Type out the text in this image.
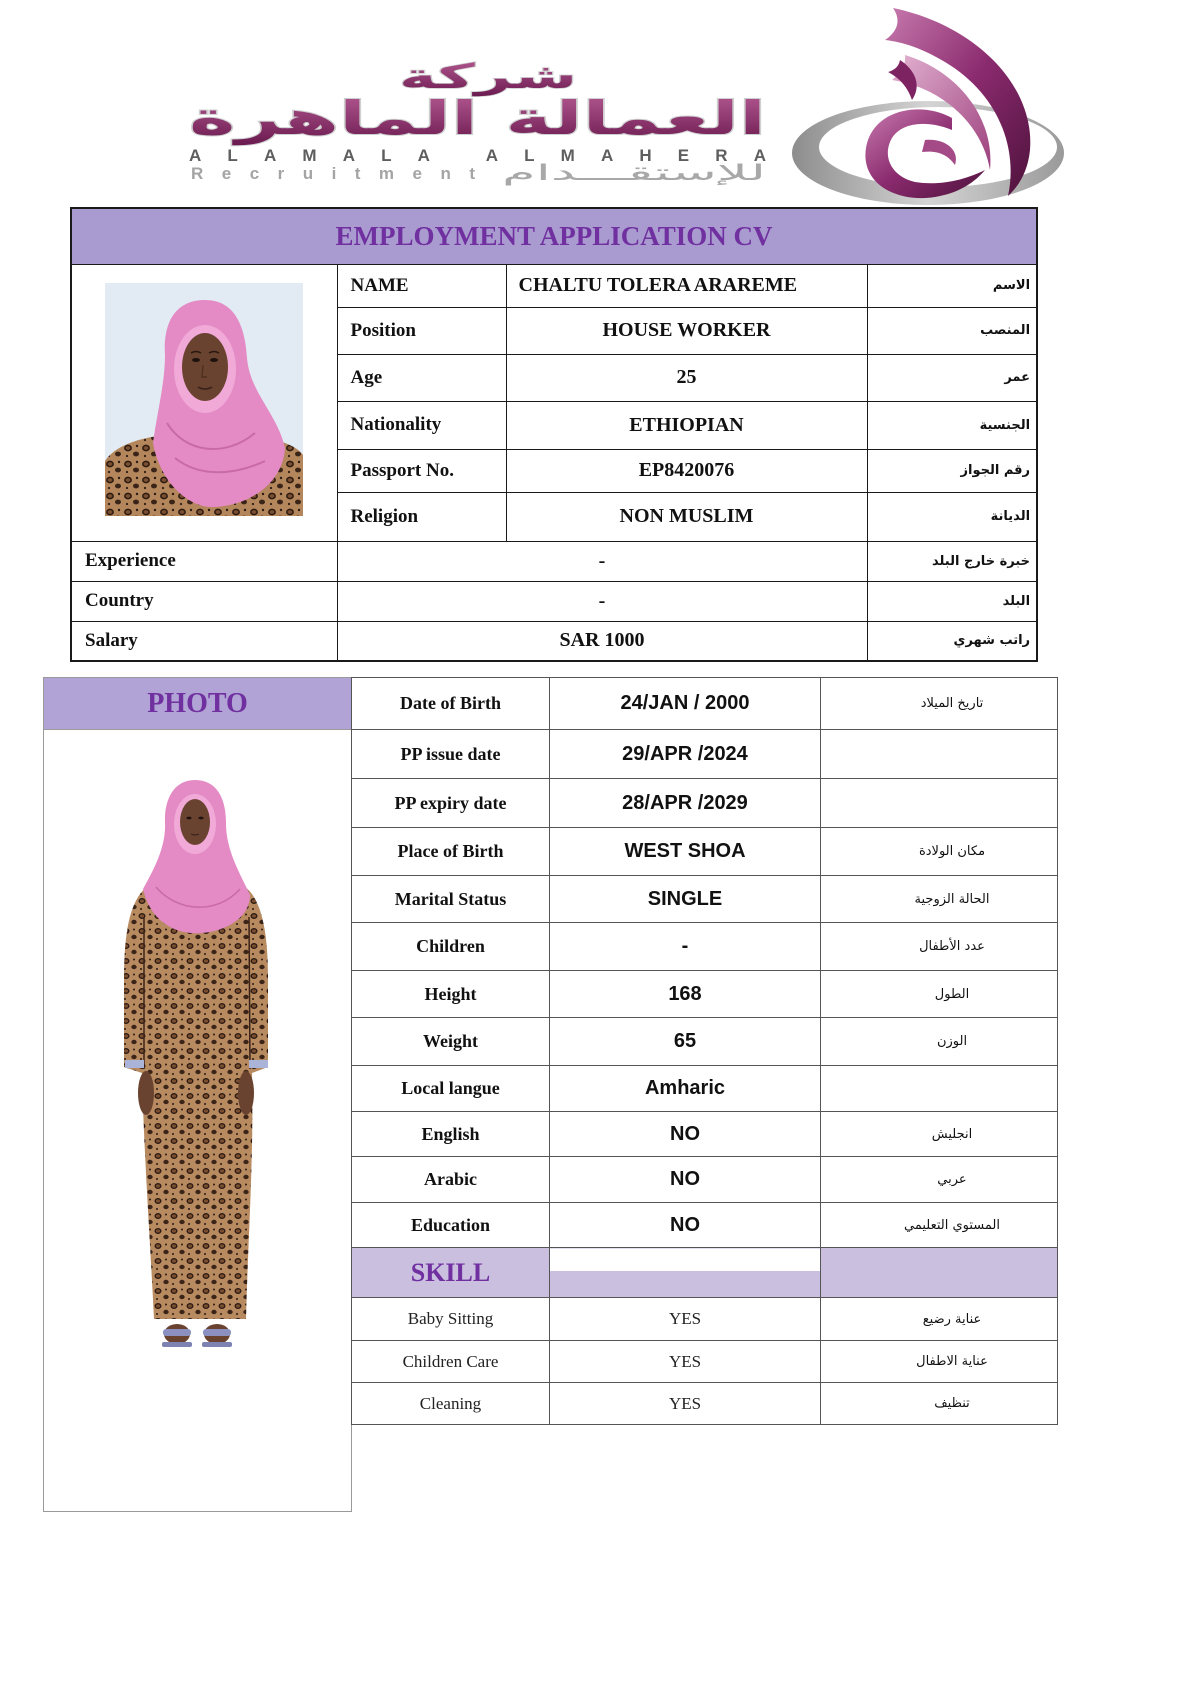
شركة
العمالة الماهرة
ALAMALA ALMAHERA
Recruitment للإستقـــدام
EMPLOYMENT APPLICATION CV			

	NAME	CHALTU TOLERA ARAREME	الاسم
	Position	HOUSE WORKER	المنصب
	Age	25	عمر
	Nationality	ETHIOPIAN	الجنسية
	Passport No.	EP8420076	رقم الجواز
	Religion	NON MUSLIM	الديانة
Experience	-		خبرة خارج البلد
Country	-		البلد
Salary	SAR 1000		راتب شهري
PHOTO	Date of Birth	24/JAN / 2000	تاريخ الميلاد
PP issue date	29/APR /2024	
PP expiry date	28/APR /2029	
Place of Birth	WEST SHOA	مكان الولادة
Marital Status	SINGLE	الحالة الزوجية
Children	-	عدد الأطفال
Height	168	الطول
Weight	65	الوزن
Local langue	Amharic	
English	NO	انجليش
Arabic	NO	عربي
Education	NO	المستوي التعليمي
SKILL		
Baby Sitting	YES	عناية رضيع
Children Care	YES	عناية الاطفال
Cleaning	YES	تنظيف
